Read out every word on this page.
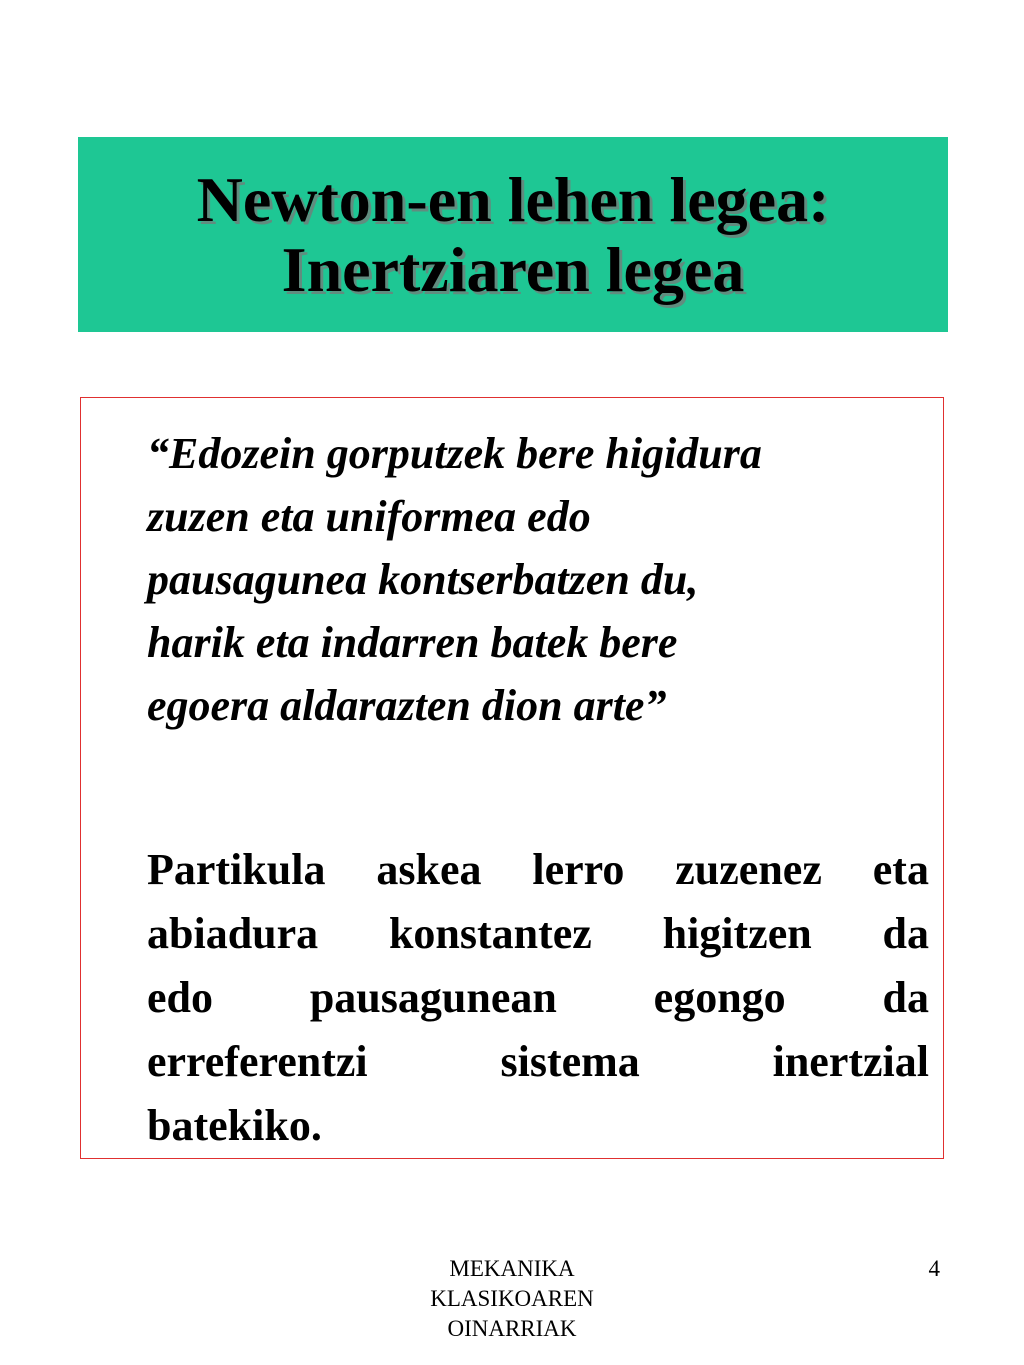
Newton-en lehen legea:
Inertziaren legea

“Edozein gorputzek bere higidura
zuzen eta uniformea edo
pausagunea kontserbatzen du,
harik eta indarren batek bere
egoera aldarazten dion arte”

Partikula askea lerro zuzenez eta
abiadura konstantez higitzen da
edo pausagunean egongo da
erreferentzi	sistema	inertzial
batekiko.
MEKANIKA
KLASIKOAREN
OINARRIAK
4
